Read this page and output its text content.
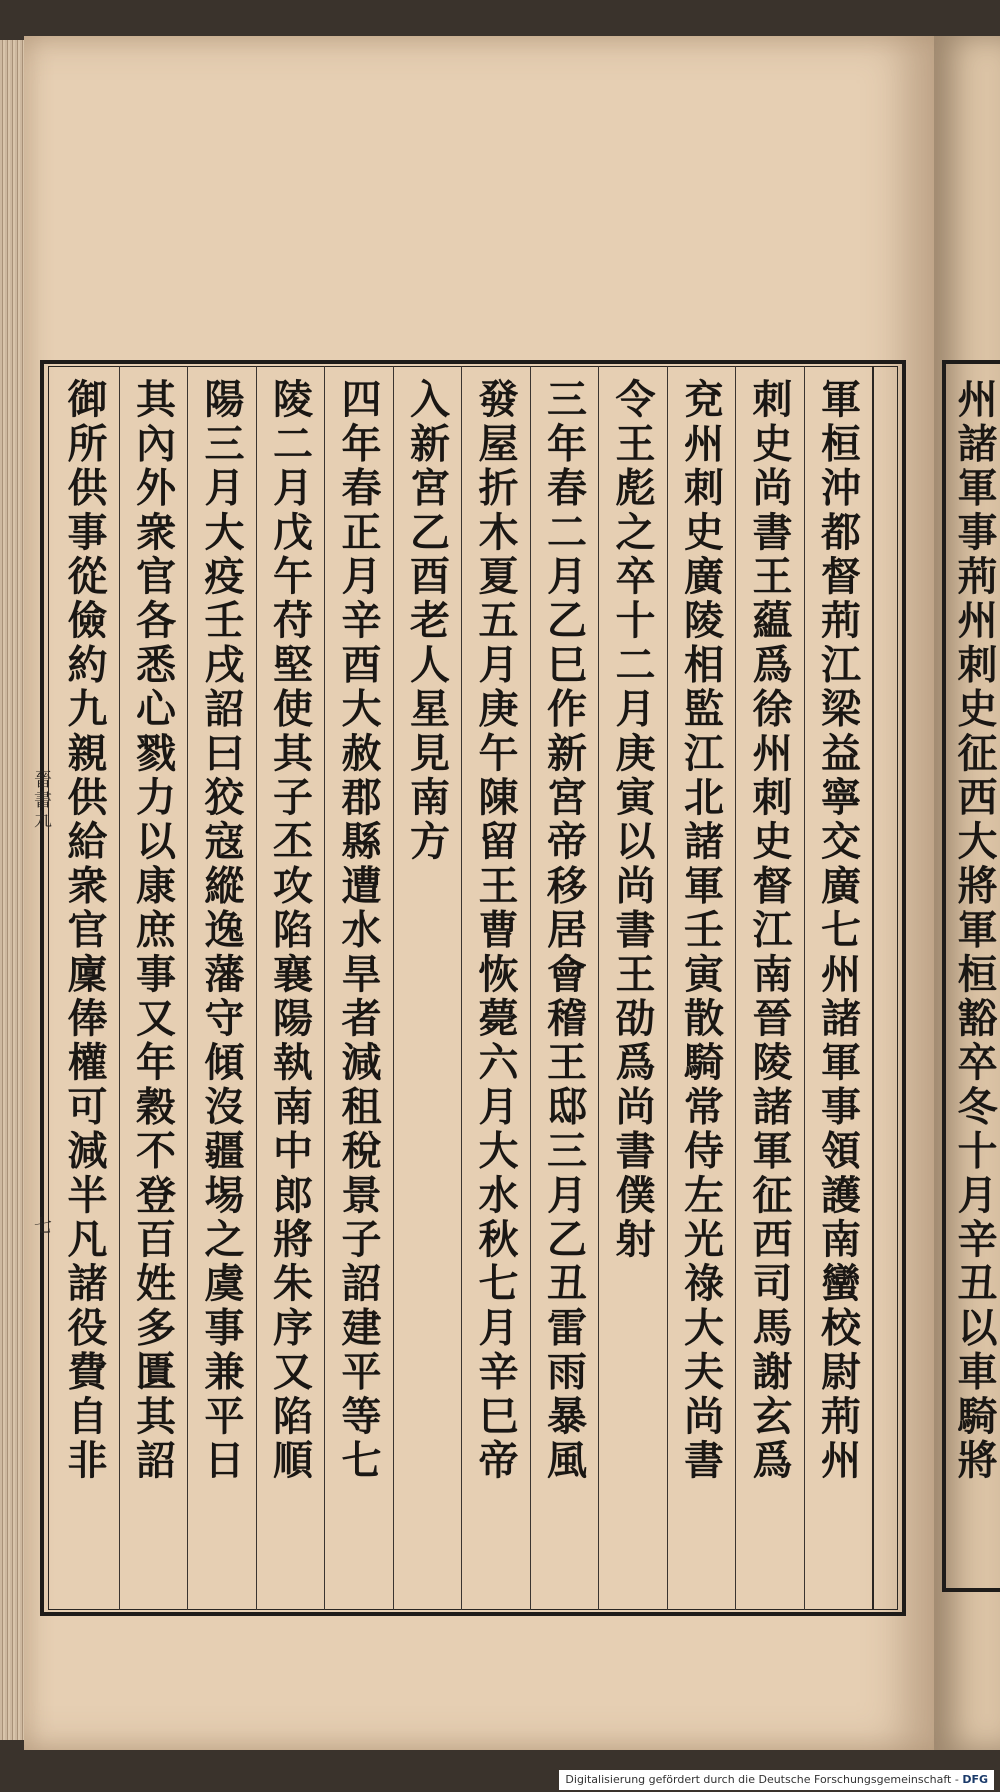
州諸軍事荊州刺史征西大將軍桓豁卒冬十月辛丑以車騎將
晉書九
七	軍桓沖都督荊江梁益寧交廣七州諸軍事領護南蠻校尉荊州
刺史尚書王藴爲徐州刺史督江南晉陵諸軍征西司馬謝玄爲
兗州刺史廣陵相監江北諸軍壬寅散騎常侍左光祿大夫尚書
令王彪之卒十二月庚寅以尚書王劭爲尚書僕射
三年春二月乙巳作新宮帝移居會稽王邸三月乙丑雷雨暴風
發屋折木夏五月庚午陳留王曹恢薨六月大水秋七月辛巳帝
入新宮乙酉老人星見南方
四年春正月辛酉大赦郡縣遭水旱者減租稅景子詔建平等七
陵二月戊午苻堅使其子丕攻陷襄陽執南中郎將朱序又陷順
陽三月大疫壬戌詔曰狡寇縱逸藩守傾沒疆埸之虞事兼平日
其內外衆官各悉心戮力以康庶事又年穀不登百姓多匱其詔
御所供事從儉約九親供給衆官廩俸權可減半凡諸役費自非
Digitalisierung gefördert durch die Deutsche Forschungsgemeinschaft - DFG
